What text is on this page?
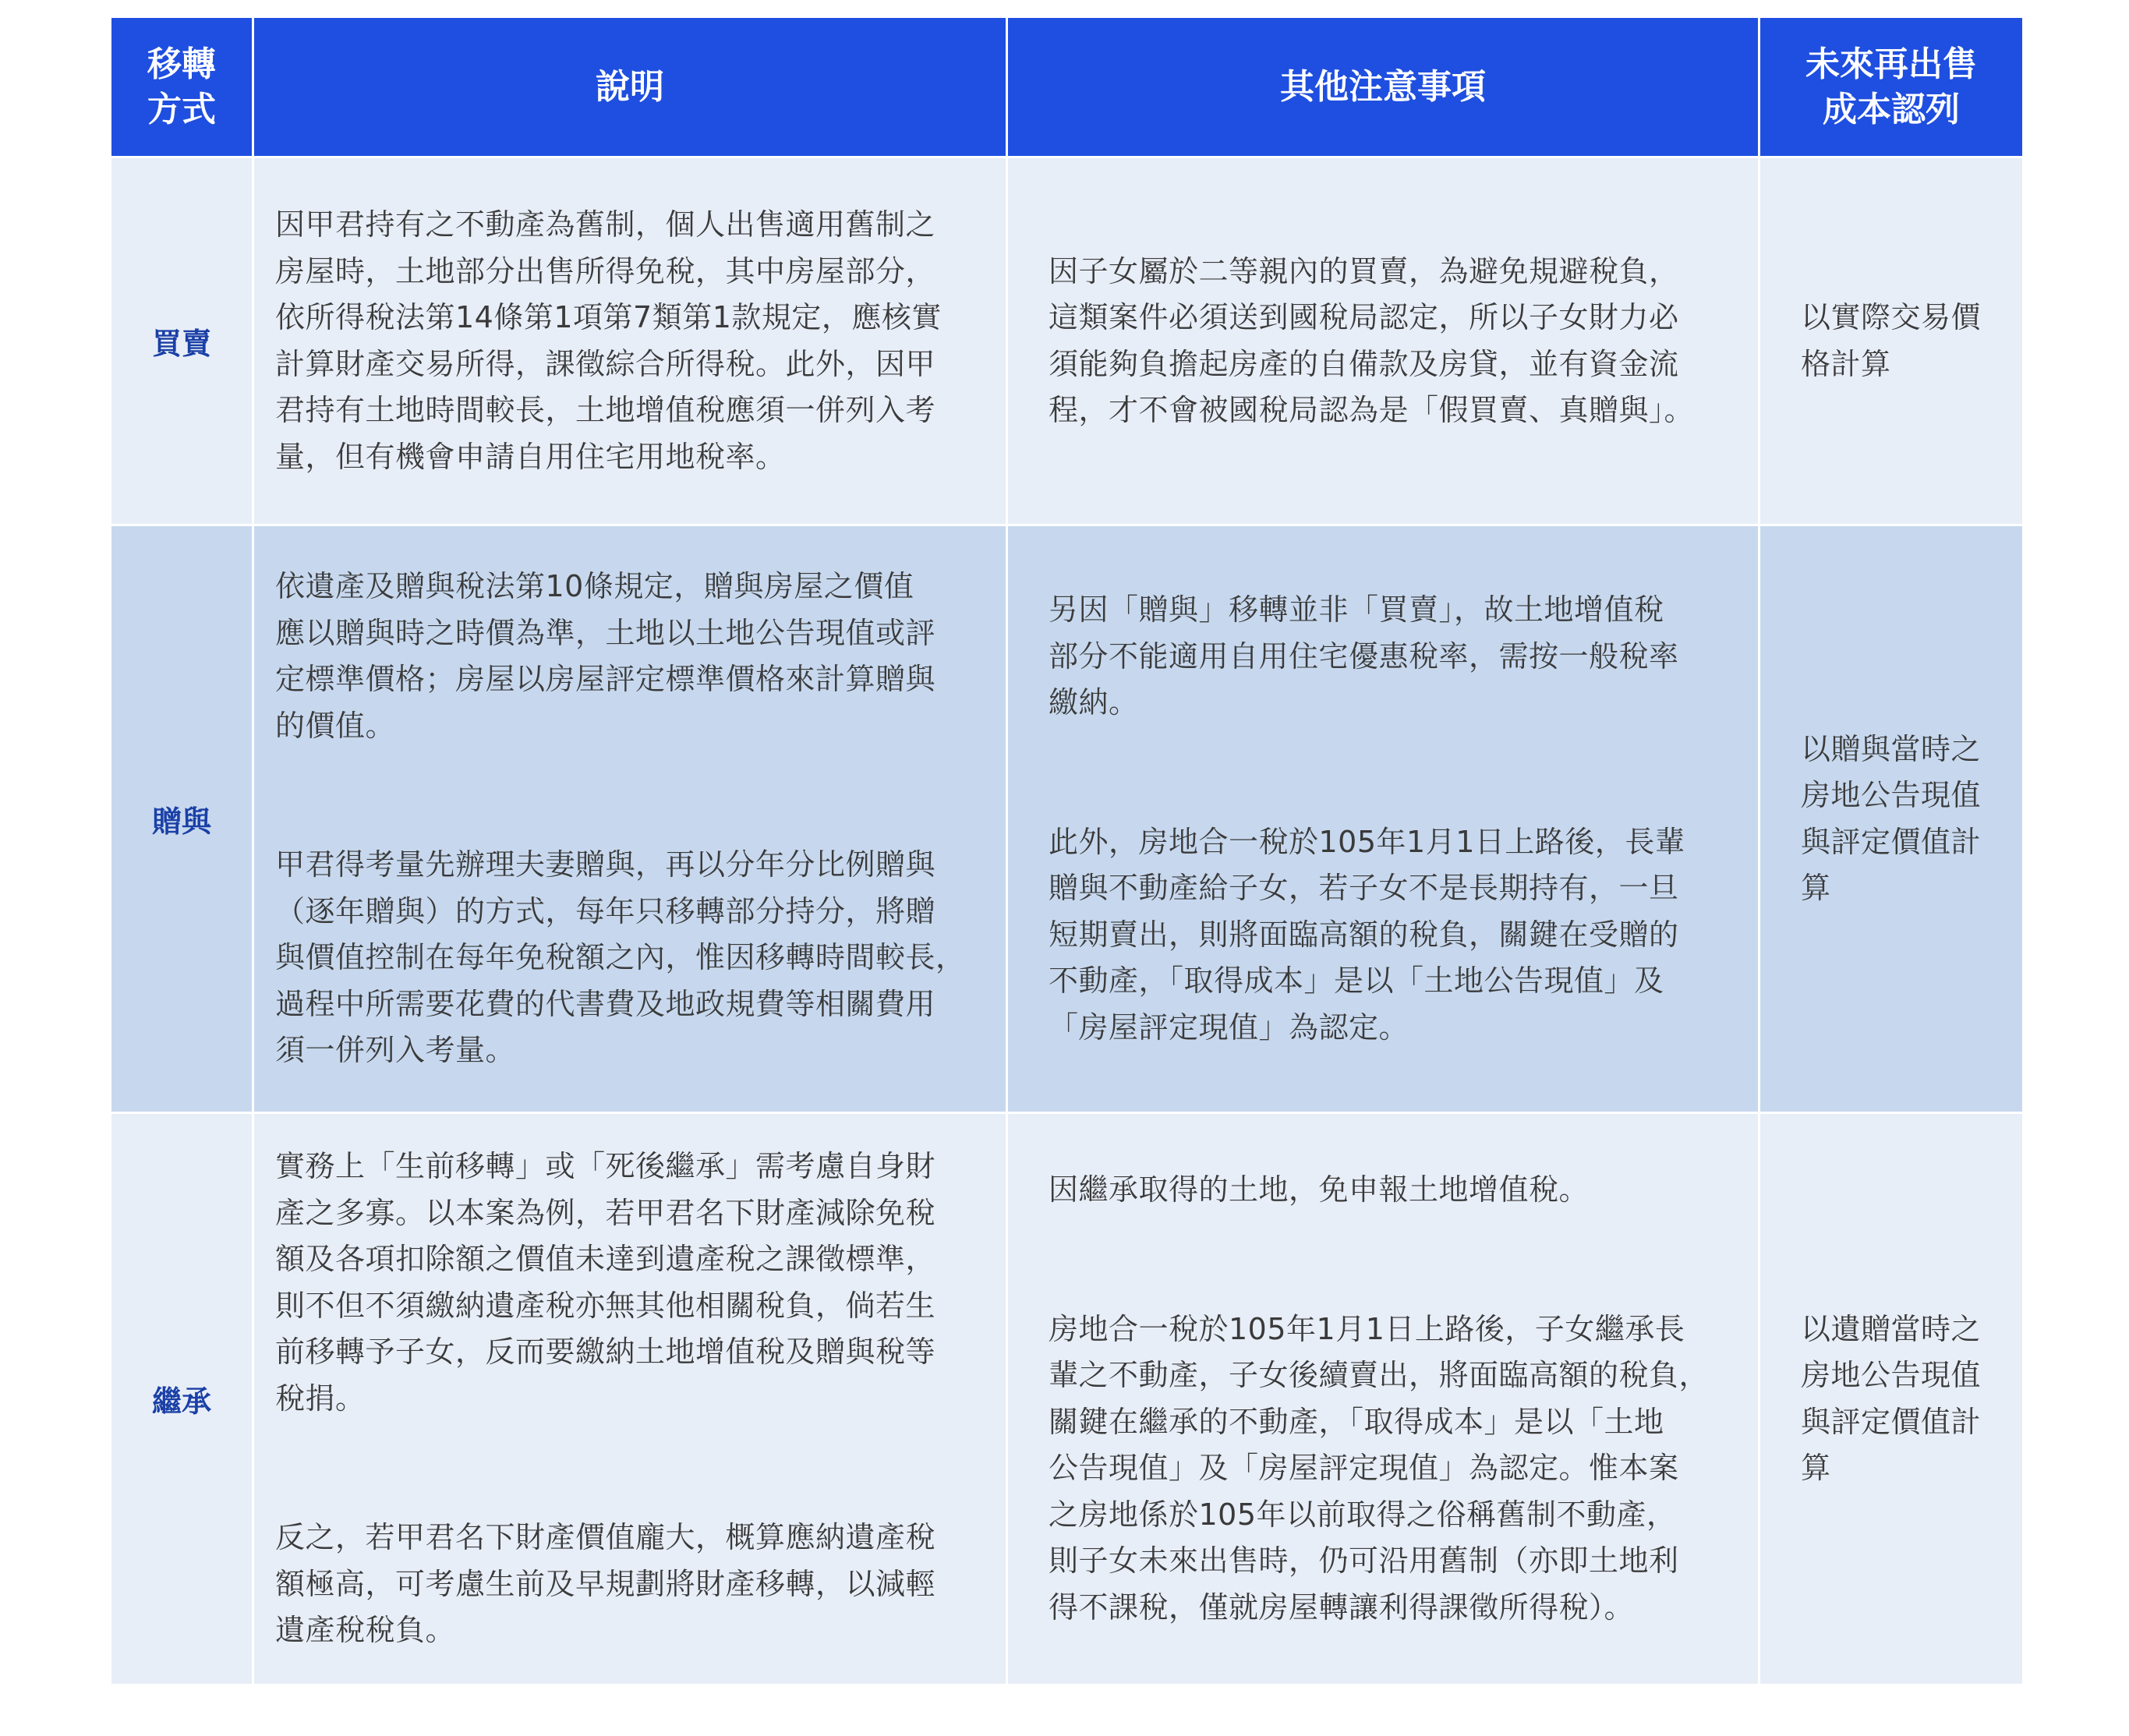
移轉
方式
說明	其他注意事項
未來再出售
成本認列
買賣

因甲君持有之不動產為舊制，個人出售適用舊制之
房屋時，土地部分出售所得免稅，其中房屋部分，
依所得稅法第14條第1項第7類第1款規定，應核實
計算財產交易所得，課徵綜合所得稅。此外，因甲
君持有土地時間較長，土地增值稅應須一併列入考
量，但有機會申請自用住宅用地稅率。

因子女屬於二等親內的買賣，為避免規避稅負，
這類案件必須送到國稅局認定，所以子女財力必
須能夠負擔起房產的自備款及房貸，並有資金流
程，才不會被國稅局認為是「假買賣、真贈與」。

以實際交易價
格計算
贈與

依遺產及贈與稅法第10條規定，贈與房屋之價值
應以贈與時之時價為準，土地以土地公告現值或評
定標準價格；房屋以房屋評定標準價格來計算贈與
的價值。

甲君得考量先辦理夫妻贈與，再以分年分比例贈與
（逐年贈與）的方式，每年只移轉部分持分，將贈
與價值控制在每年免稅額之內，惟因移轉時間較長，
過程中所需要花費的代書費及地政規費等相關費用
須一併列入考量。

另因「贈與」移轉並非「買賣」，故土地增值稅
部分不能適用自用住宅優惠稅率，需按一般稅率
繳納。

此外，房地合一稅於105年1月1日上路後，長輩
贈與不動產給子女，若子女不是長期持有，一旦
短期賣出，則將面臨高額的稅負，關鍵在受贈的
不動產，「取得成本」是以「土地公告現值」及
「房屋評定現值」為認定。

以贈與當時之
房地公告現值
與評定價值計
算
繼承

實務上「生前移轉」或「死後繼承」需考慮自身財
產之多寡。以本案為例，若甲君名下財產減除免稅
額及各項扣除額之價值未達到遺產稅之課徵標準，
則不但不須繳納遺產稅亦無其他相關稅負，倘若生
前移轉予子女，反而要繳納土地增值稅及贈與稅等
稅捐。

反之，若甲君名下財產價值龐大，概算應納遺產稅
額極高，可考慮生前及早規劃將財產移轉，以減輕
遺產稅稅負。

因繼承取得的土地，免申報土地增值稅。

房地合一稅於105年1月1日上路後，子女繼承長
輩之不動產，子女後續賣出，將面臨高額的稅負，
關鍵在繼承的不動產，「取得成本」是以「土地
公告現值」及「房屋評定現值」為認定。惟本案
之房地係於105年以前取得之俗稱舊制不動產，
則子女未來出售時，仍可沿用舊制（亦即土地利
得不課稅，僅就房屋轉讓利得課徵所得稅）。

以遺贈當時之
房地公告現值
與評定價值計
算
